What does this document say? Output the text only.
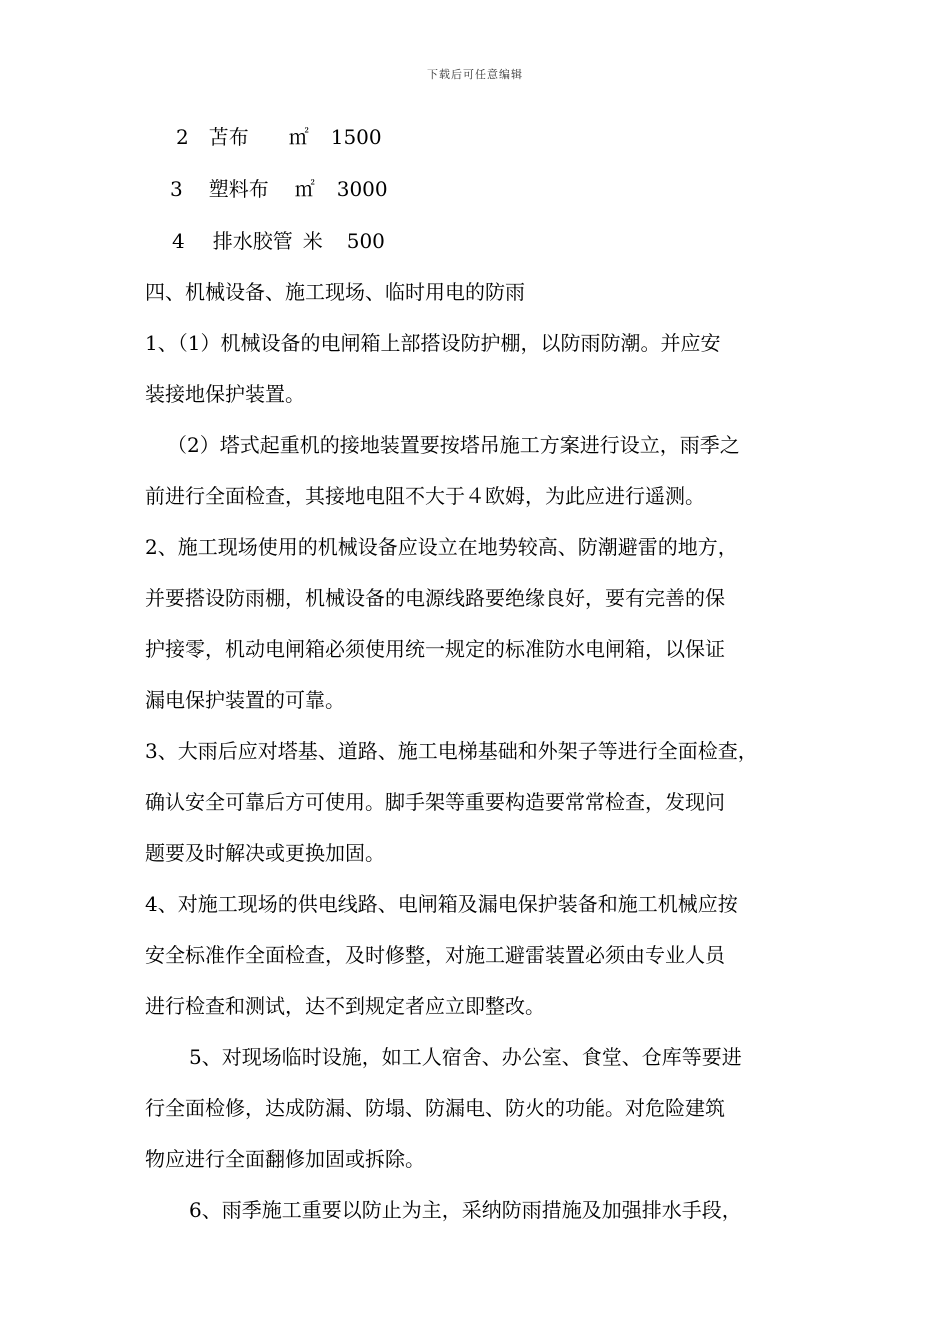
下载后可任意编辑
2 苫布 ㎡ 1500
3 塑料布 ㎡ 3000
4 排水胶管 米 500
四、机械设备、施工现场、临时用电的防雨
1、（1）机械设备的电闸箱上部搭设防护棚，以防雨防潮。并应安
装接地保护装置。
（2）塔式起重机的接地装置要按塔吊施工方案进行设立，雨季之
前进行全面检查，其接地电阻不大于４欧姆，为此应进行遥测。
2、施工现场使用的机械设备应设立在地势较高、防潮避雷的地方，
并要搭设防雨棚，机械设备的电源线路要绝缘良好，要有完善的保
护接零，机动电闸箱必须使用统一规定的标准防水电闸箱，以保证
漏电保护装置的可靠。
3、大雨后应对塔基、道路、施工电梯基础和外架子等进行全面检查，
确认安全可靠后方可使用。脚手架等重要构造要常常检查，发现问
题要及时解决或更换加固。
4、对施工现场的供电线路、电闸箱及漏电保护装备和施工机械应按
安全标准作全面检查，及时修整，对施工避雷装置必须由专业人员
进行检查和测试，达不到规定者应立即整改。
5、对现场临时设施，如工人宿舍、办公室、食堂、仓库等要进
行全面检修，达成防漏、防塌、防漏电、防火的功能。对危险建筑
物应进行全面翻修加固或拆除。
6、雨季施工重要以防止为主，采纳防雨措施及加强排水手段，
